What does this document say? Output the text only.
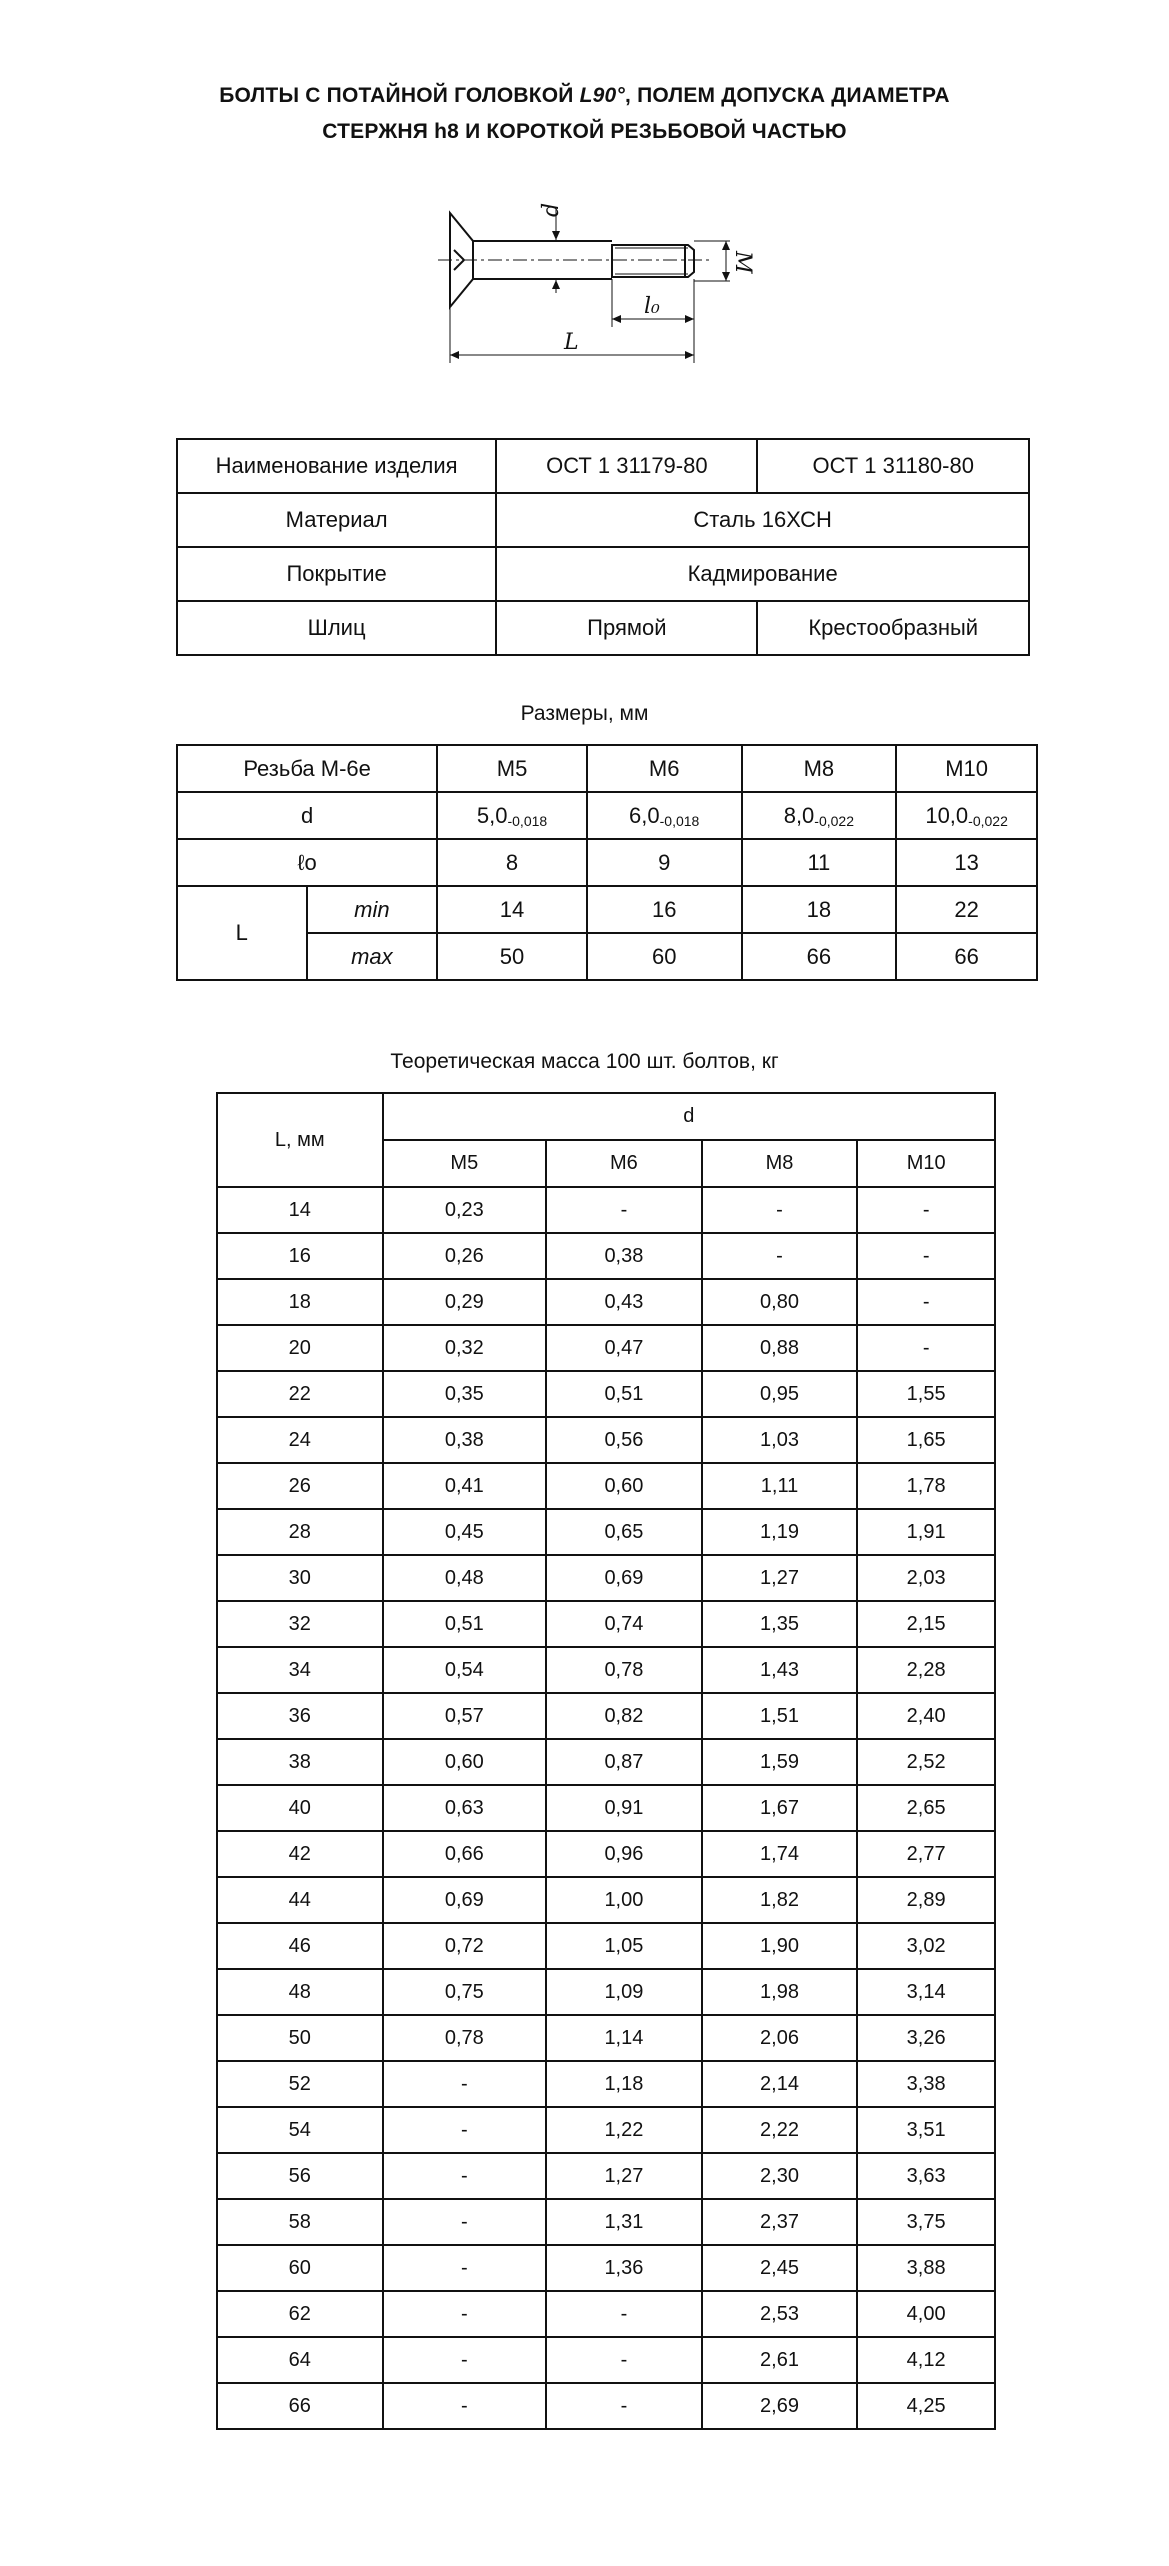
БОЛТЫ С ПОТАЙНОЙ ГОЛОВКОЙ L90°, ПОЛЕМ ДОПУСКА ДИАМЕТРА
СТЕРЖНЯ h8 И КОРОТКОЙ РЕЗЬБОВОЙ ЧАСТЬЮ
d
M
l₀
L
Наименование изделия	ОСТ 1 31179-80	ОСТ 1 31180-80
Материал	Сталь 16ХСН	
Покрытие	Кадмирование	
Шлиц	Прямой	Крестообразный
Размеры, мм
Резьба М-6е		M5	M6	M8	M10
d		$5,0_{-0,018}$	$6,0_{-0,018}$	$8,0_{-0,022}$	$10,0_{-0,022}$
ℓo		8	9	11	13
L	min	14	16	18	22
	max	50	60	66	66
Теоретическая масса 100 шт. болтов, кг
L, мм	d			
	M5	M6	M8	M10
14	0,23	-	-	-
16	0,26	0,38	-	-
18	0,29	0,43	0,80	-
20	0,32	0,47	0,88	-
22	0,35	0,51	0,95	1,55
24	0,38	0,56	1,03	1,65
26	0,41	0,60	1,11	1,78
28	0,45	0,65	1,19	1,91
30	0,48	0,69	1,27	2,03
32	0,51	0,74	1,35	2,15
34	0,54	0,78	1,43	2,28
36	0,57	0,82	1,51	2,40
38	0,60	0,87	1,59	2,52
40	0,63	0,91	1,67	2,65
42	0,66	0,96	1,74	2,77
44	0,69	1,00	1,82	2,89
46	0,72	1,05	1,90	3,02
48	0,75	1,09	1,98	3,14
50	0,78	1,14	2,06	3,26
52	-	1,18	2,14	3,38
54	-	1,22	2,22	3,51
56	-	1,27	2,30	3,63
58	-	1,31	2,37	3,75
60	-	1,36	2,45	3,88
62	-	-	2,53	4,00
64	-	-	2,61	4,12
66	-	-	2,69	4,25
